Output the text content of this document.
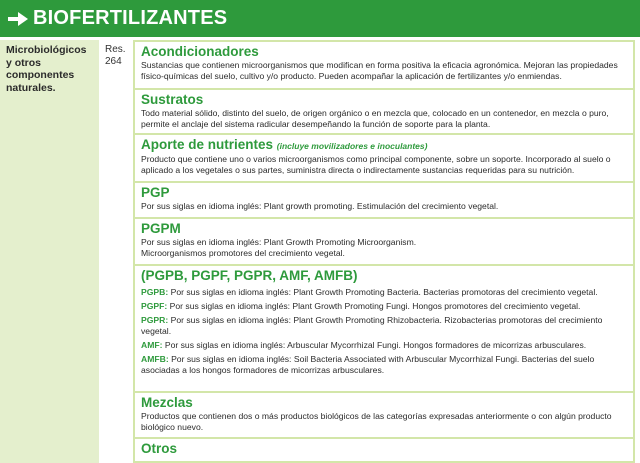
BIOFERTILIZANTES
Microbiológicos y otros componentes naturales.
Res. 264
Acondicionadores

Sustancias que contienen microorganismos que modifican en forma positiva la eficacia agronómica. Mejoran las propiedades físico-químicas del suelo, cultivo y/o producto. Pueden acompañar la aplicación de fertilizantes y/o enmiendas.

Sustratos

Todo material sólido, distinto del suelo, de origen orgánico o en mezcla que, colocado en un contenedor, en mezcla o puro, permite el anclaje del sistema radicular desempeñando la función de soporte para la planta.

Aporte de nutrientes (incluye movilizadores e inoculantes)

Producto que contiene uno o varios microorganismos como principal componente, sobre un soporte. Incorporado al suelo o aplicado a los vegetales o sus partes, suministra directa o indirectamente sustancias requeridas para su nutrición.

PGP

Por sus siglas en idioma inglés: Plant growth promoting. Estimulación del crecimiento vegetal.

PGPM

Por sus siglas en idioma inglés: Plant Growth Promoting Microorganism.

Microorganismos promotores del crecimiento vegetal.

(PGPB, PGPF, PGPR, AMF, AMFB)

PGPB: Por sus siglas en idioma inglés: Plant Growth Promoting Bacteria. Bacterias promotoras del crecimiento vegetal.

PGPF: Por sus siglas en idioma inglés: Plant Growth Promoting Fungi. Hongos promotores del crecimiento vegetal.

PGPR: Por sus siglas en idioma inglés: Plant Growth Promoting Rhizobacteria. Rizobacterias promotoras del crecimiento vegetal.

AMF: Por sus siglas en idioma inglés: Arbuscular Mycorrhizal Fungi. Hongos formadores de micorrizas arbusculares.

AMFB: Por sus siglas en idioma inglés: Soil Bacteria Associated with Arbuscular Mycorrhizal Fungi. Bacterias del suelo asociadas a los hongos formadores de micorrizas arbusculares.

Mezclas

Productos que contienen dos o más productos biológicos de las categorías expresadas anteriormente o con algún producto biológico nuevo.

Otros
